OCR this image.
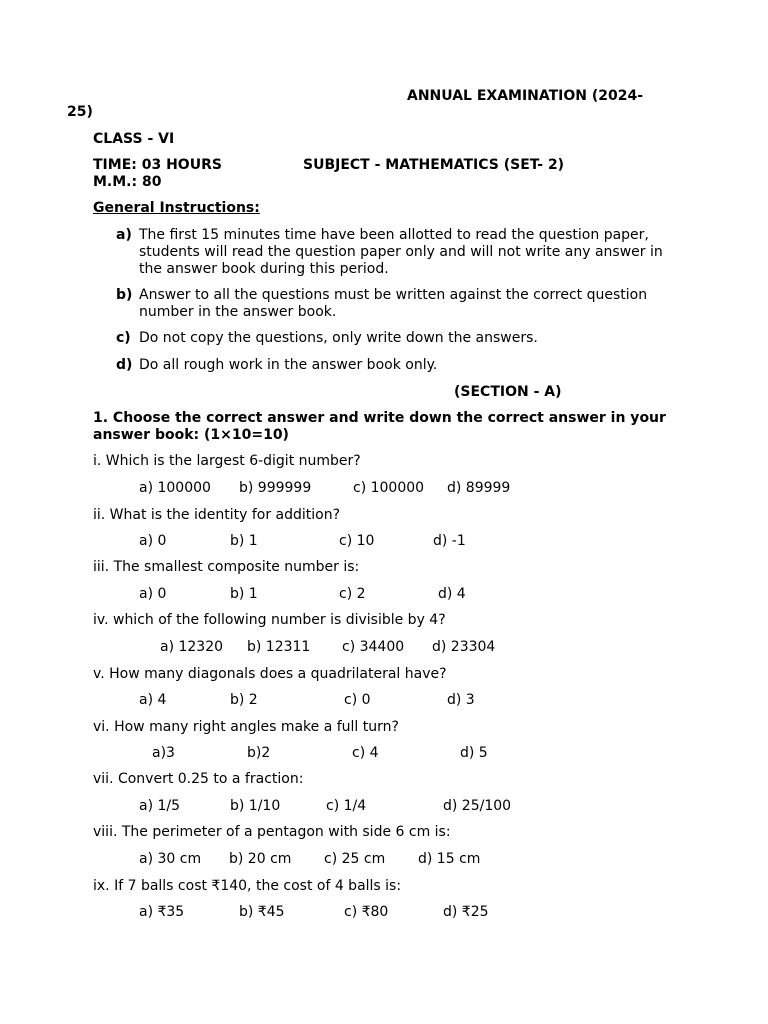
ANNUAL EXAMINATION (2024-
25)
CLASS - VI
TIME: 03 HOURS	SUBJECT - MATHEMATICS (SET- 2)
M.M.: 80
General Instructions:
a) The first 15 minutes time have been allotted to read the question paper, students will read the question paper only and will not write any answer in the answer book during this period.
b) Answer to all the questions must be written against the correct question number in the answer book.
c) Do not copy the questions, only write down the answers.
d) Do all rough work in the answer book only.
(SECTION - A)
1. Choose the correct answer and write down the correct answer in your
answer book: (1×10=10)
i. Which is the largest 6-digit number?
a) 100000 b) 999999	c) 100000 d) 89999
ii. What is the identity for addition?
a) 0	b) 1	c) 10	d) -1
iii. The smallest composite number is:
a) 0	b) 1	c) 2	d) 4
iv. which of the following number is divisible by 4?
a) 12320 b) 12311 c) 34400 d) 23304
v. How many diagonals does a quadrilateral have?
a) 4	b) 2	c) 0	d) 3
vi. How many right angles make a full turn?
a)3	b)2	c) 4	d) 5
vii. Convert 0.25 to a fraction:
a) 1/5	b) 1/10	c) 1/4	d) 25/100
viii. The perimeter of a pentagon with side 6 cm is:
a) 30 cm b) 20 cm c) 25 cm d) 15 cm
ix. If 7 balls cost ₹140, the cost of 4 balls is:
a) ₹35	b) ₹45	c) ₹80	d) ₹25
